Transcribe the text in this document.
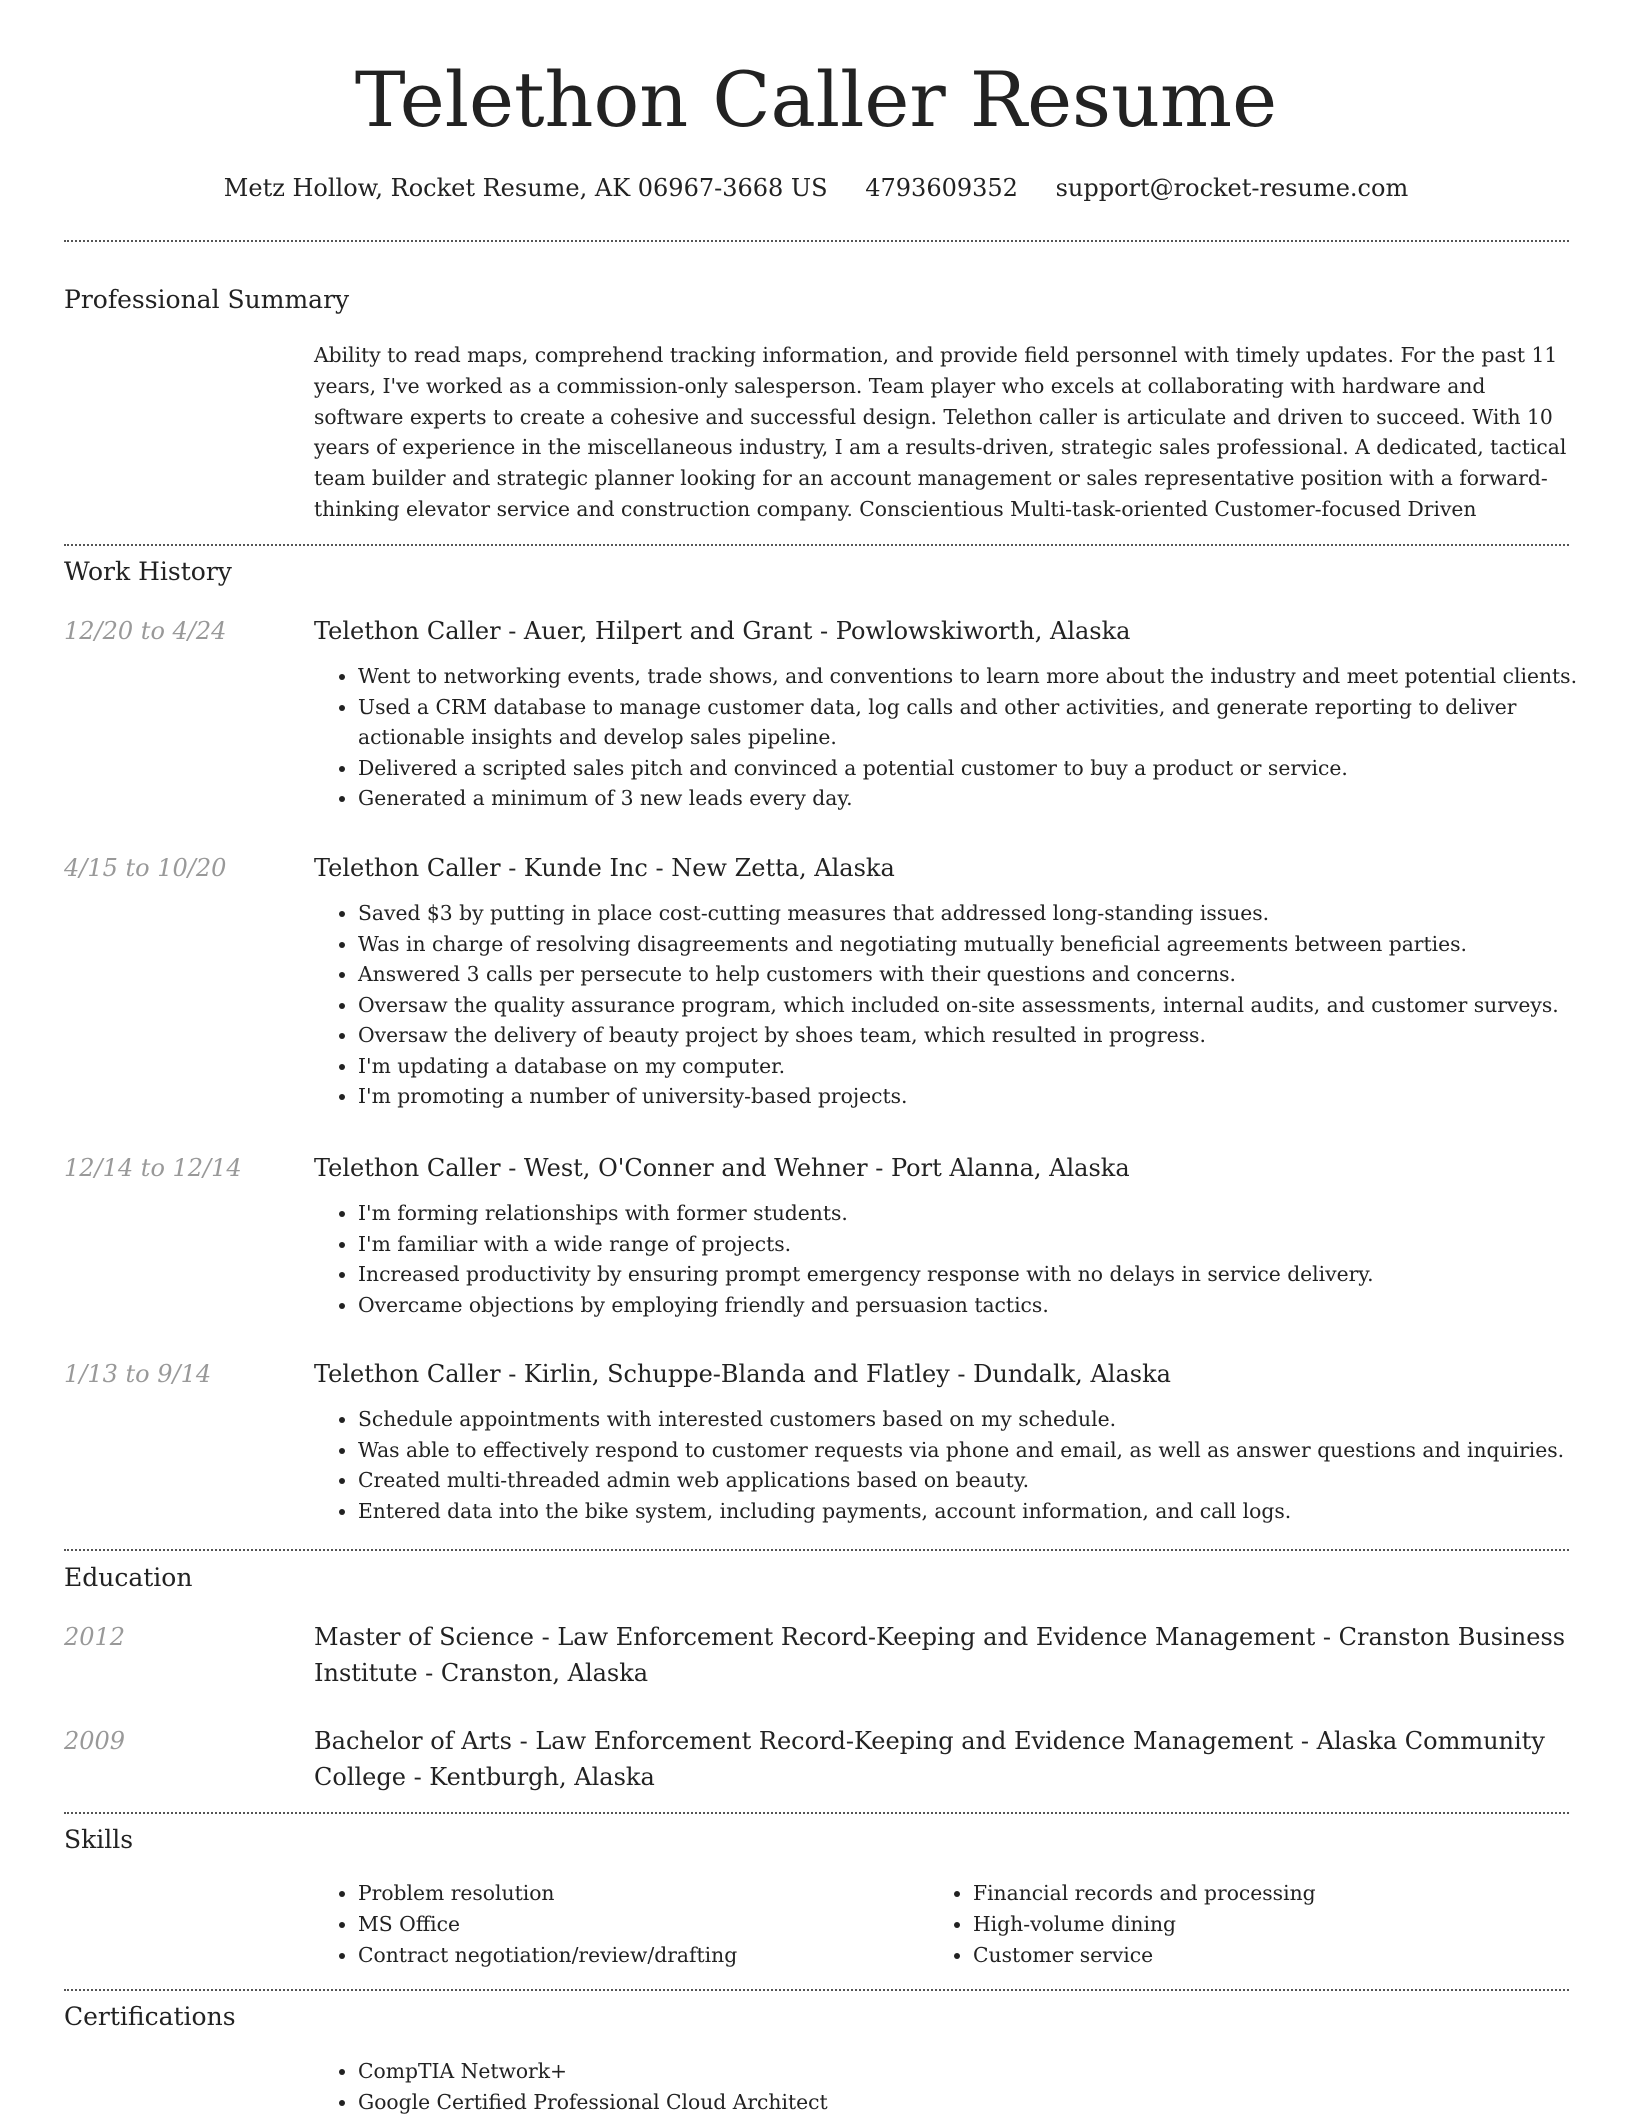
Telethon Caller Resume
Metz Hollow, Rocket Resume, AK 06967-3668 US 4793609352 support@rocket-resume.com
Professional Summary

Ability to read maps, comprehend tracking information, and provide field personnel with timely updates. For the past 11 years, I've worked as a commission-only salesperson. Team player who excels at collaborating with hardware and software experts to create a cohesive and successful design. Telethon caller is articulate and driven to succeed. With 10 years of experience in the miscellaneous industry, I am a results-driven, strategic sales professional. A dedicated, tactical team builder and strategic planner looking for an account management or sales representative position with a forward-thinking elevator service and construction company. Conscientious Multi-task-oriented Customer-focused Driven

Work History
12/20 to 4/24	Telethon Caller - Auer, Hilpert and Grant - Powlowskiworth, Alaska
• Went to networking events, trade shows, and conventions to learn more about the industry and meet potential clients.
• Used a CRM database to manage customer data, log calls and other activities, and generate reporting to deliver actionable insights and develop sales pipeline.
• Delivered a scripted sales pitch and convinced a potential customer to buy a product or service.
• Generated a minimum of 3 new leads every day.
4/15 to 10/20	Telethon Caller - Kunde Inc - New Zetta, Alaska
• Saved $3 by putting in place cost-cutting measures that addressed long-standing issues.
• Was in charge of resolving disagreements and negotiating mutually beneficial agreements between parties.
• Answered 3 calls per persecute to help customers with their questions and concerns.
• Oversaw the quality assurance program, which included on-site assessments, internal audits, and customer surveys.
• Oversaw the delivery of beauty project by shoes team, which resulted in progress.
• I'm updating a database on my computer.
• I'm promoting a number of university-based projects.
12/14 to 12/14	Telethon Caller - West, O'Conner and Wehner - Port Alanna, Alaska
• I'm forming relationships with former students.
• I'm familiar with a wide range of projects.
• Increased productivity by ensuring prompt emergency response with no delays in service delivery.
• Overcame objections by employing friendly and persuasion tactics.
1/13 to 9/14	Telethon Caller - Kirlin, Schuppe-Blanda and Flatley - Dundalk, Alaska
• Schedule appointments with interested customers based on my schedule.
• Was able to effectively respond to customer requests via phone and email, as well as answer questions and inquiries.
• Created multi-threaded admin web applications based on beauty.
• Entered data into the bike system, including payments, account information, and call logs.
Education
2012	Master of Science - Law Enforcement Record-Keeping and Evidence Management - Cranston Business Institute - Cranston, Alaska
2009	Bachelor of Arts - Law Enforcement Record-Keeping and Evidence Management - Alaska Community College - Kentburgh, Alaska
Skills
• Problem resolution
• MS Office
• Contract negotiation/review/drafting
• Financial records and processing
• High-volume dining
• Customer service
Certifications
• CompTIA Network+
• Google Certified Professional Cloud Architect
